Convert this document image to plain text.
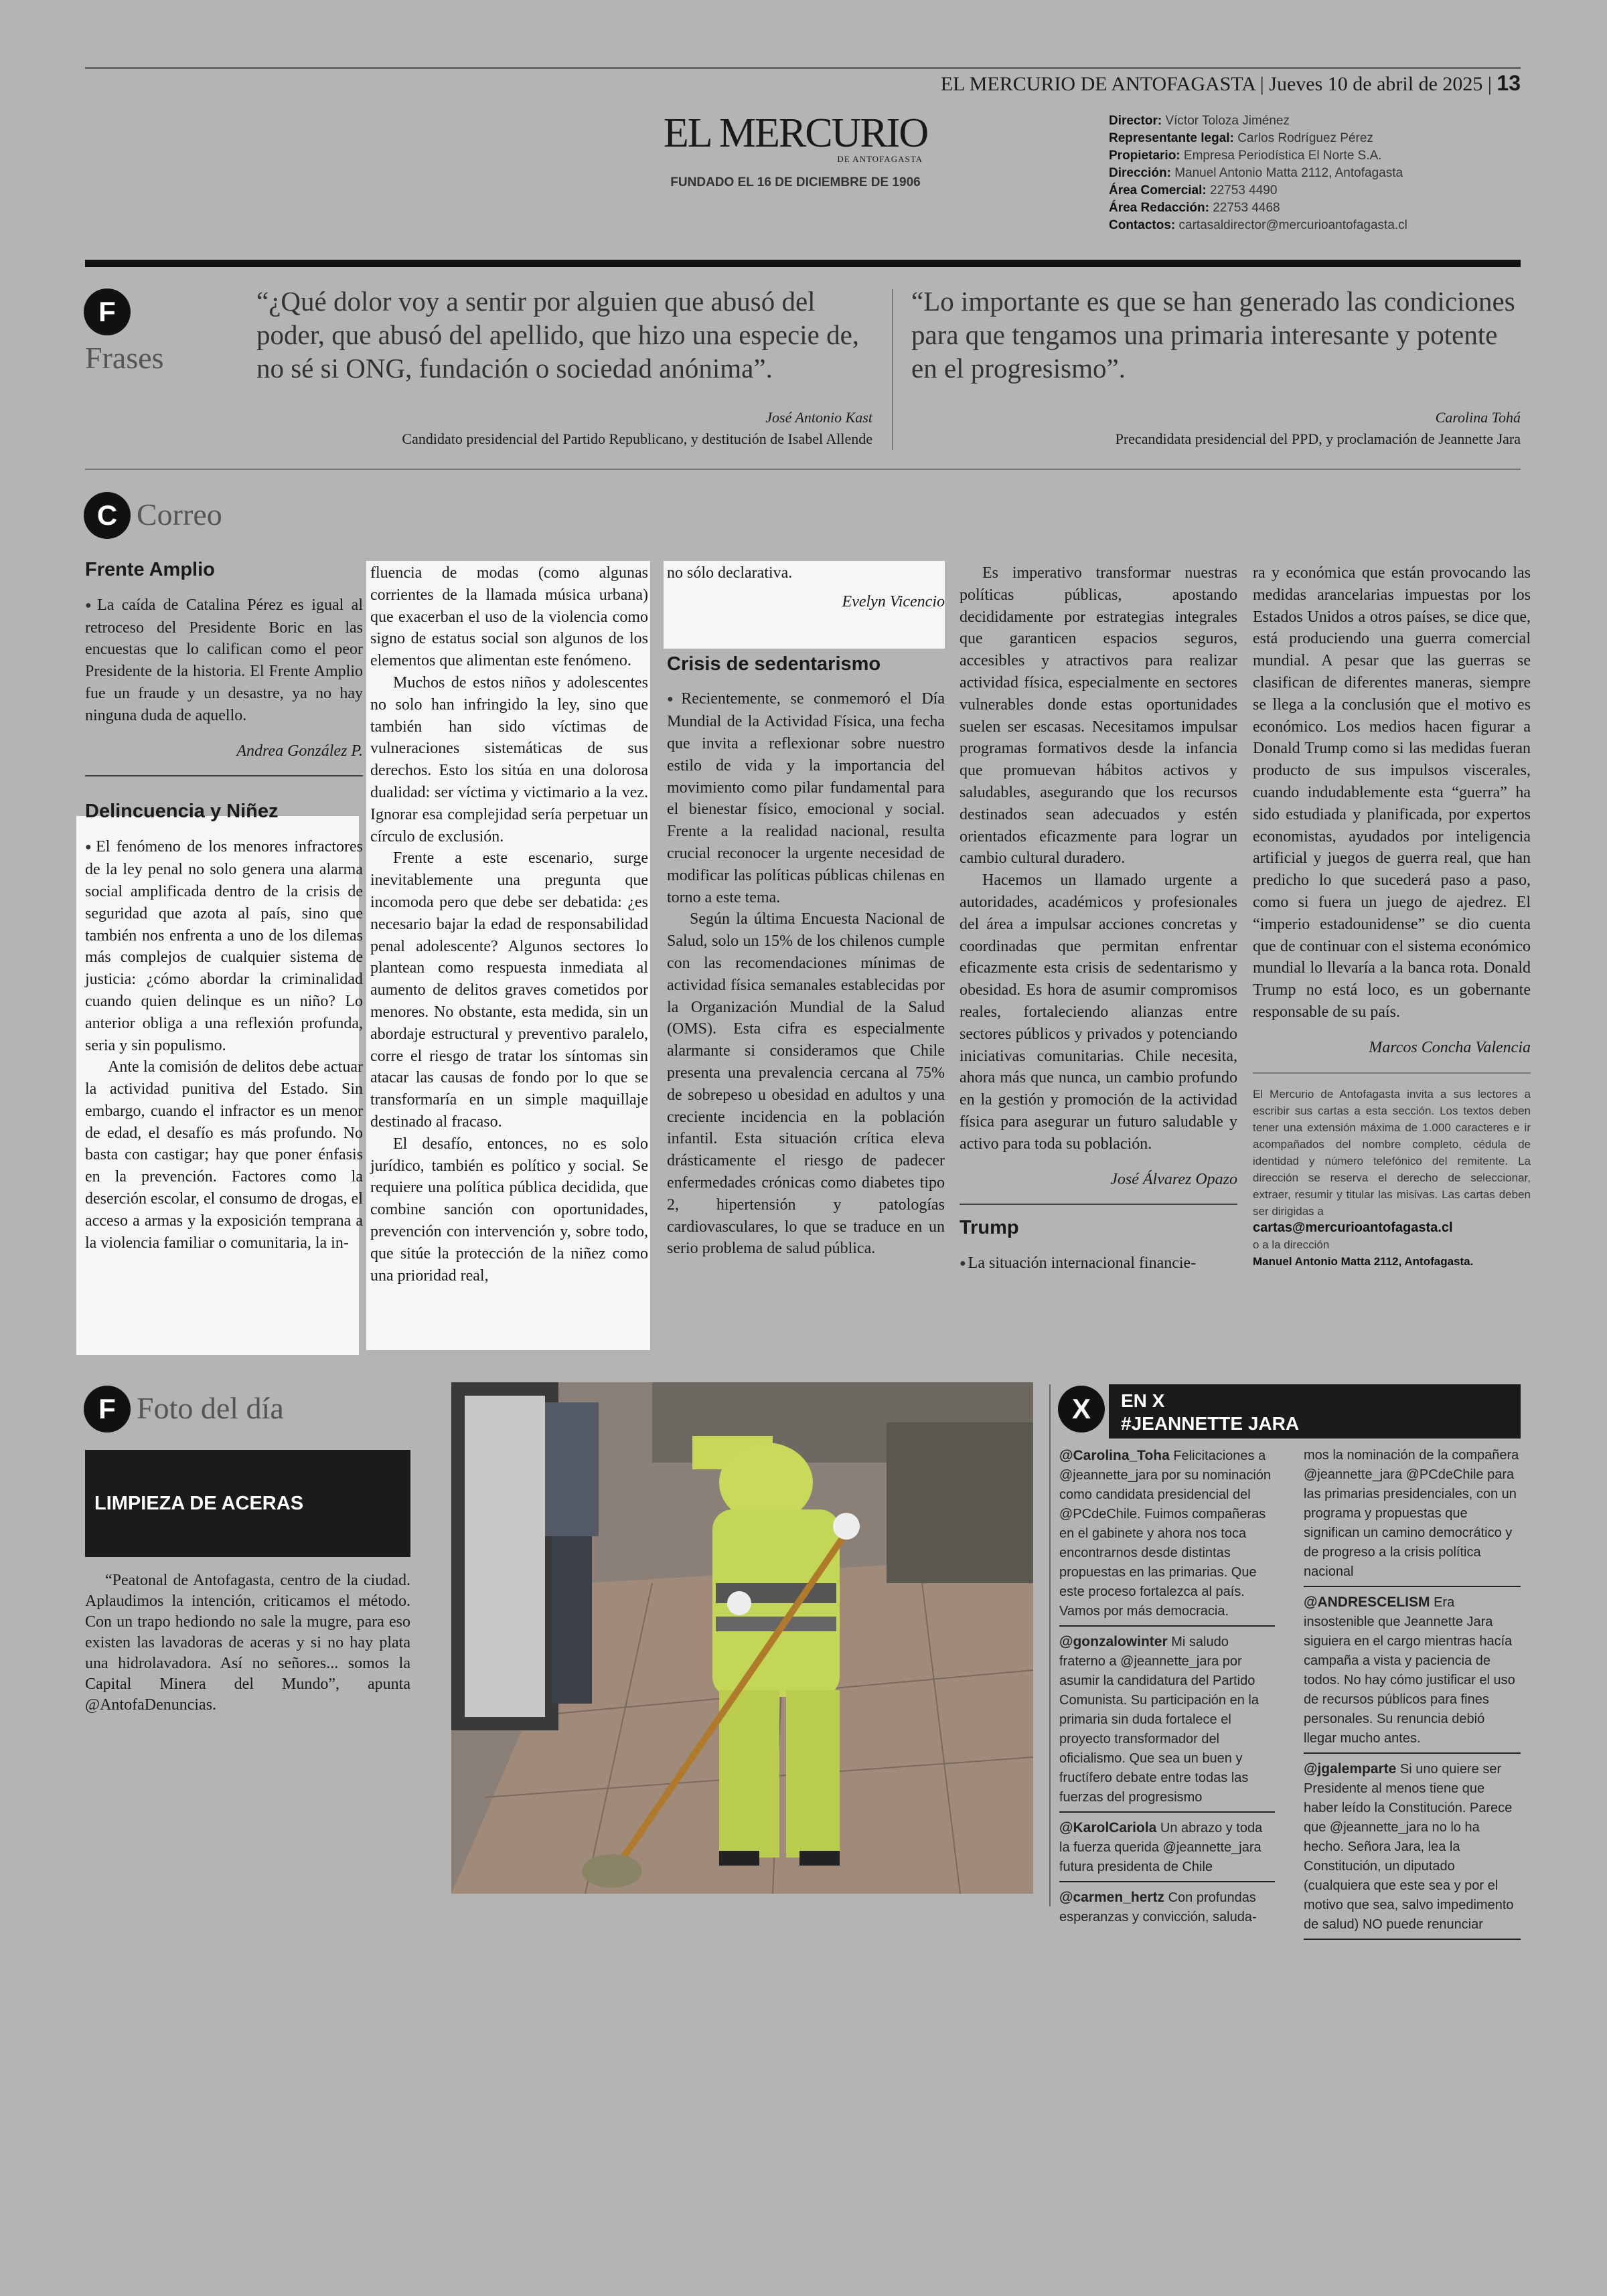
EL MERCURIO DE ANTOFAGASTA | Jueves 10 de abril de 2025 | 13
EL MERCURIO
DE ANTOFAGASTA
FUNDADO EL 16 DE DICIEMBRE DE 1906
Director: Víctor Toloza Jiménez
Representante legal: Carlos Rodríguez Pérez
Propietario: Empresa Periodística El Norte S.A.
Dirección: Manuel Antonio Matta 2112, Antofagasta
Área Comercial: 22753 4490
Área Redacción: 22753 4468
Contactos: cartasaldirector@mercurioantofagasta.cl
F
Frases
“¿Qué dolor voy a sentir por alguien que abusó del poder, que abusó del apellido, que hizo una especie de, no sé si ONG, fundación o sociedad anónima”.
José Antonio Kast
Candidato presidencial del Partido Republicano, y destitución de Isabel Allende
“Lo importante es que se han generado las condiciones para que tengamos una primaria interesante y potente en el progresismo”.
Carolina Tohá
Precandidata presidencial del PPD, y proclamación de Jeannette Jara
C Correo
Frente Amplio

● La caída de Catalina Pérez es igual al retroceso del Presidente Boric en las encuestas que lo califican como el peor Presidente de la historia. El Frente Amplio fue un fraude y un desastre, ya no hay ninguna duda de aquello.

Andrea González P.
Delincuencia y Niñez

● El fenómeno de los menores infractores de la ley penal no solo genera una alarma social amplificada dentro de la crisis de seguridad que azota al país, sino que también nos enfrenta a uno de los dilemas más complejos de cualquier sistema de justicia: ¿cómo abordar la criminalidad cuando quien delinque es un niño? Lo anterior obliga a una reflexión profunda, seria y sin populismo.

Ante la comisión de delitos debe actuar la actividad punitiva del Estado. Sin embargo, cuando el infractor es un menor de edad, el desafío es más profundo. No basta con castigar; hay que poner énfasis en la prevención. Factores como la deserción escolar, el consumo de drogas, el acceso a armas y la exposición temprana a la violencia familiar o comunitaria, la in-

fluencia de modas (como algunas corrientes de la llamada música urbana) que exacerban el uso de la violencia como signo de estatus social son algunos de los elementos que alimentan este fenómeno.

Muchos de estos niños y adolescentes no solo han infringido la ley, sino que también han sido víctimas de vulneraciones sistemáticas de sus derechos. Esto los sitúa en una dolorosa dualidad: ser víctima y victimario a la vez. Ignorar esa complejidad sería perpetuar un círculo de exclusión.

Frente a este escenario, surge inevitablemente una pregunta que incomoda pero que debe ser debatida: ¿es necesario bajar la edad de responsabilidad penal adolescente? Algunos sectores lo plantean como respuesta inmediata al aumento de delitos graves cometidos por menores. No obstante, esta medida, sin un abordaje estructural y preventivo paralelo, corre el riesgo de tratar los síntomas sin atacar las causas de fondo por lo que se transformaría en un simple maquillaje destinado al fracaso.

El desafío, entonces, no es solo jurídico, también es político y social. Se requiere una política pública decidida, que combine sanción con oportunidades, prevención con intervención y, sobre todo, que sitúe la protección de la niñez como una prioridad real,

no sólo declarativa.

Evelyn Vicencio
Crisis de sedentarismo

● Recientemente, se conmemoró el Día Mundial de la Actividad Física, una fecha que invita a reflexionar sobre nuestro estilo de vida y la importancia del movimiento como pilar fundamental para el bienestar físico, emocional y social. Frente a la realidad nacional, resulta crucial reconocer la urgente necesidad de modificar las políticas públicas chilenas en torno a este tema.

Según la última Encuesta Nacional de Salud, solo un 15% de los chilenos cumple con las recomendaciones mínimas de actividad física semanales establecidas por la Organización Mundial de la Salud (OMS). Esta cifra es especialmente alarmante si consideramos que Chile presenta una prevalencia cercana al 75% de sobrepeso u obesidad en adultos y una creciente incidencia en la población infantil. Esta situación crítica eleva drásticamente el riesgo de padecer enfermedades crónicas como diabetes tipo 2, hipertensión y patologías cardiovasculares, lo que se traduce en un serio problema de salud pública.

Es imperativo transformar nuestras políticas públicas, apostando decididamente por estrategias integrales que garanticen espacios seguros, accesibles y atractivos para realizar actividad física, especialmente en sectores vulnerables donde estas oportunidades suelen ser escasas. Necesitamos impulsar programas formativos desde la infancia que promuevan hábitos activos y saludables, asegurando que los recursos destinados sean adecuados y estén orientados eficazmente para lograr un cambio cultural duradero.

Hacemos un llamado urgente a autoridades, académicos y profesionales del área a impulsar acciones concretas y coordinadas que permitan enfrentar eficazmente esta crisis de sedentarismo y obesidad. Es hora de asumir compromisos reales, fortaleciendo alianzas entre sectores públicos y privados y potenciando iniciativas comunitarias. Chile necesita, ahora más que nunca, un cambio profundo en la gestión y promoción de la actividad física para asegurar un futuro saludable y activo para toda su población.

José Álvarez Opazo
Trump

● La situación internacional financie-

ra y económica que están provocando las medidas arancelarias impuestas por los Estados Unidos a otros países, se dice que, está produciendo una guerra comercial mundial. A pesar que las guerras se clasifican de diferentes maneras, siempre se llega a la conclusión que el motivo es económico. Los medios hacen figurar a Donald Trump como si las medidas fueran producto de sus impulsos viscerales, cuando indudablemente esta “guerra” ha sido estudiada y planificada, por expertos economistas, ayudados por inteligencia artificial y juegos de guerra real, que han predicho lo que sucederá paso a paso, como si fuera un juego de ajedrez. El “imperio estadounidense” se dio cuenta que de continuar con el sistema económico mundial lo llevaría a la banca rota. Donald Trump no está loco, es un gobernante responsable de su país.

Marcos Concha Valencia
El Mercurio de Antofagasta invita a sus lectores a escribir sus cartas a esta sección. Los textos deben tener una extensión máxima de 1.000 caracteres e ir acompañados del nombre completo, cédula de identidad y número telefónico del remitente. La dirección se reserva el derecho de seleccionar, extraer, resumir y titular las misivas. Las cartas deben ser dirigidas a
cartas@mercurioantofagasta.cl
o a la dirección
Manuel Antonio Matta 2112, Antofagasta.
F Foto del día
LIMPIEZA DE ACERAS
“Peatonal de Antofagasta, centro de la ciudad. Aplaudimos la intención, criticamos el método. Con un trapo hediondo no sale la mugre, para eso existen las lavadoras de aceras y si no hay plata una hidrolavadora. Así no señores... somos la Capital Minera del Mundo”, apunta @AntofaDenuncias.
X	EN X
#JEANNETTE JARA
@Carolina_Toha Felicitaciones a @jeannette_jara por su nominación como candidata presidencial del @PCdeChile. Fuimos compañeras en el gabinete y ahora nos toca encontrarnos desde distintas propuestas en las primarias. Que este proceso fortalezca al país. Vamos por más democracia.
@gonzalowinter Mi saludo fraterno a @jeannette_jara por asumir la candidatura del Partido Comunista. Su participación en la primaria sin duda fortalece el proyecto transformador del oficialismo. Que sea un buen y fructífero debate entre todas las fuerzas del progresismo
@KarolCariola Un abrazo y toda la fuerza querida @jeannette_jara futura presidenta de Chile
@carmen_hertz Con profundas esperanzas y convicción, saluda-
mos la nominación de la compañera @jeannette_jara @PCdeChile para las primarias presidenciales, con un programa y propuestas que significan un camino democrático y de progreso a la crisis política nacional
@ANDRESCELISM Era insostenible que Jeannette Jara siguiera en el cargo mientras hacía campaña a vista y paciencia de todos. No hay cómo justificar el uso de recursos públicos para fines personales. Su renuncia debió llegar mucho antes.
@jgalemparte Si uno quiere ser Presidente al menos tiene que haber leído la Constitución. Parece que @jeannette_jara no lo ha hecho. Señora Jara, lea la Constitución, un diputado (cualquiera que este sea y por el motivo que sea, salvo impedimento de salud) NO puede renunciar
